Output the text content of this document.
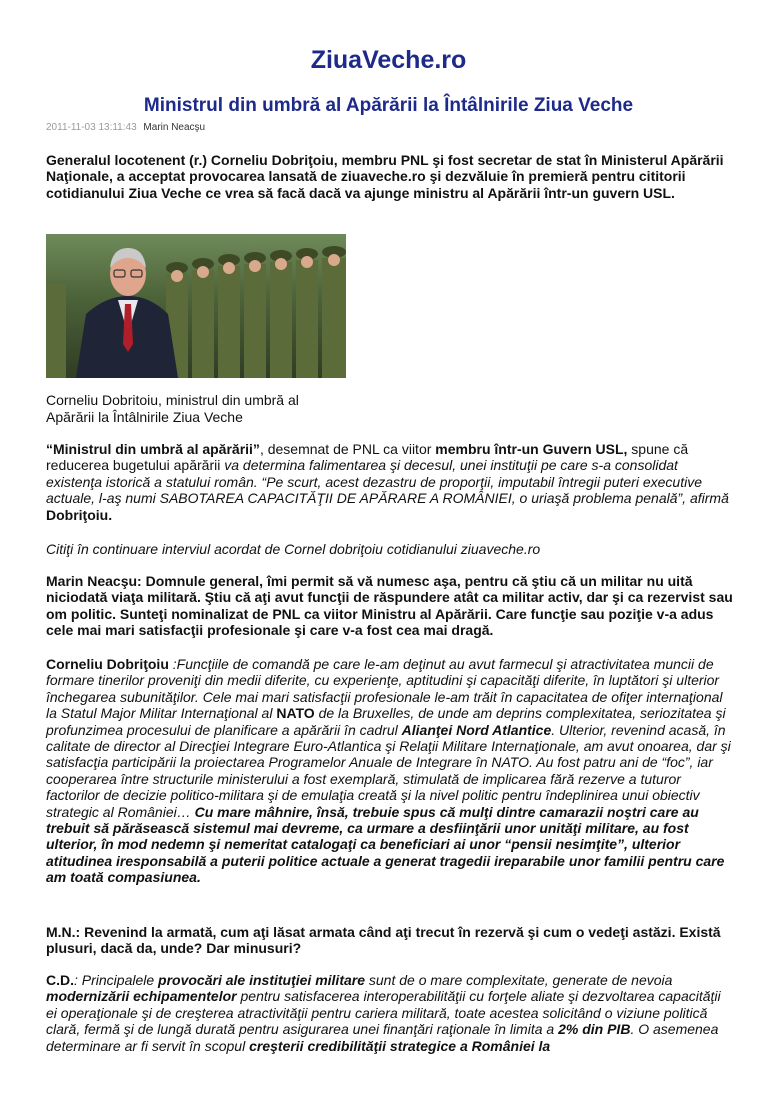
ZiuaVeche.ro
Ministrul din umbră al Apărării la Întâlnirile Ziua Veche
2011-11-03 13:11:43 Marin Neacşu
Generalul locotenent (r.) Corneliu Dobriţoiu, membru PNL şi fost secretar de stat în Ministerul Apărării Naţionale, a acceptat provocarea lansată de ziuaveche.ro şi dezvăluie în premieră pentru cititorii cotidianului Ziua Veche ce vrea să facă dacă va ajunge ministru al Apărării într-un guvern USL.
Corneliu Dobritoiu, ministrul din umbră al Apărării la Întâlnirile Ziua Veche
“Ministrul din umbră al apărării”, desemnat de PNL ca viitor membru într-un Guvern USL, spune că reducerea bugetului apărării va determina falimentarea şi decesul, unei instituţii pe care s-a consolidat existenţa istorică a statului român. “Pe scurt, acest dezastru de proporţii, imputabil întregii puteri executive actuale, l-aş numi SABOTAREA CAPACITĂŢII DE APĂRARE A ROMÂNIEI, o uriaşă problema penală”, afirmă Dobriţoiu.
Citiţi în continuare interviul acordat de Cornel dobriţoiu cotidianului ziuaveche.ro
Marin Neacşu: Domnule general, îmi permit să vă numesc aşa, pentru că ştiu că un militar nu uită niciodată viaţa militară. Ştiu că aţi avut funcţii de răspundere atât ca militar activ, dar şi ca rezervist sau om politic. Sunteţi nominalizat de PNL ca viitor Ministru al Apărării. Care funcţie sau poziţie v-a adus cele mai mari satisfacţii profesionale şi care v-a fost cea mai dragă.
Corneliu Dobriţoiu :Funcţiile de comandă pe care le-am deţinut au avut farmecul şi atractivitatea muncii de formare tinerilor proveniţi din medii diferite, cu experienţe, aptitudini şi capacităţi diferite, în luptători şi ulterior închegarea subunităţilor. Cele mai mari satisfacţii profesionale le-am trăit în capacitatea de ofiţer internaţional la Statul Major Militar Internaţional al NATO de la Bruxelles, de unde am deprins complexitatea, seriozitatea şi profunzimea procesului de planificare a apărării în cadrul Alianţei Nord Atlantice. Ulterior, revenind acasă, în calitate de director al Direcţiei Integrare Euro-Atlantica şi Relaţii Militare Internaţionale, am avut onoarea, dar şi satisfacţia participării la proiectarea Programelor Anuale de Integrare în NATO. Au fost patru ani de “foc”, iar cooperarea între structurile ministerului a fost exemplară, stimulată de implicarea fără rezerve a tuturor factorilor de decizie politico-militara şi de emulaţia creată şi la nivel politic pentru îndeplinirea unui obiectiv strategic al României… Cu mare mâhnire, însă, trebuie spus că mulţi dintre camarazii noştri care au trebuit să părăsească sistemul mai devreme, ca urmare a desfiinţării unor unităţi militare, au fost ulterior, în mod nedemn şi nemeritat catalogaţi ca beneficiari ai unor “pensii nesimţite”, ulterior atitudinea iresponsabilă a puterii politice actuale a generat tragedii ireparabile unor familii pentru care am toată compasiunea.
M.N.: Revenind la armată, cum aţi lăsat armata când aţi trecut în rezervă şi cum o vedeţi astăzi. Există plusuri, dacă da, unde? Dar minusuri?
C.D.: Principalele provocări ale instituţiei militare sunt de o mare complexitate, generate de nevoia modernizării echipamentelor pentru satisfacerea interoperabilităţii cu forţele aliate şi dezvoltarea capacităţii ei operaţionale şi de creşterea atractivităţii pentru cariera militară, toate acestea solicitând o viziune politică clară, fermă şi de lungă durată pentru asigurarea unei finanţări raţionale în limita a 2% din PIB. O asemenea determinare ar fi servit în scopul creşterii credibilităţii strategice a României la
